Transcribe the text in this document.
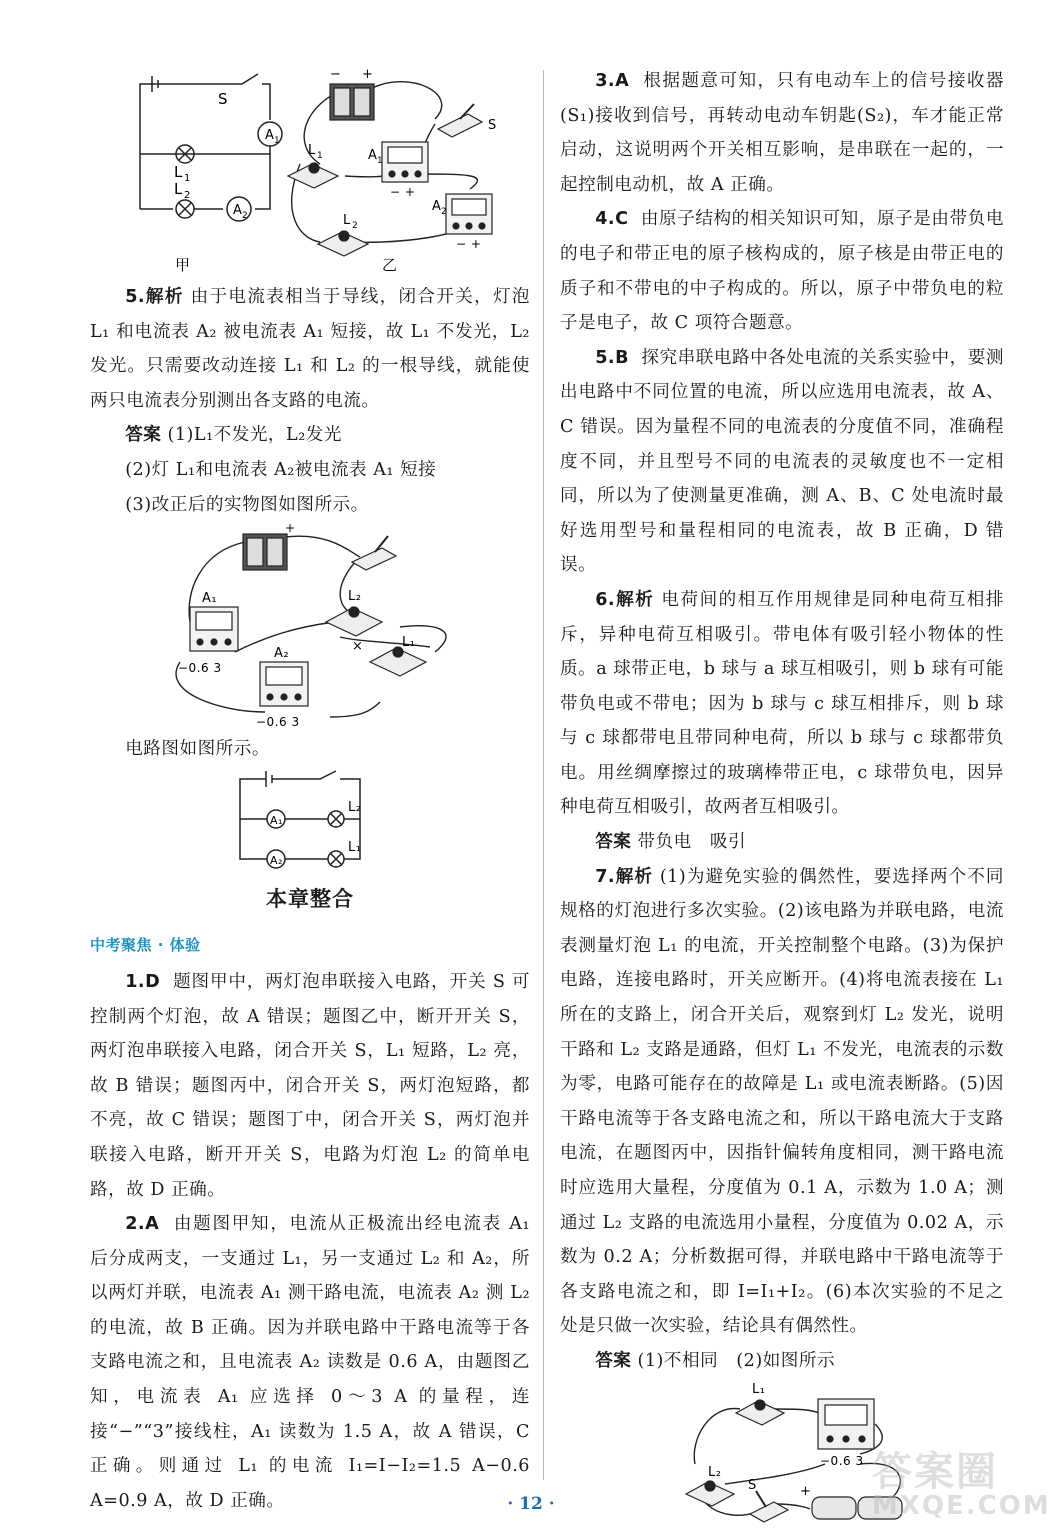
S
A 1
A 2
L 1
L 2
− +
S
L 1
L 2
A 1
− +
A 2
− +
甲	乙

5.解析 由于电流表相当于导线，闭合开关，灯泡 L₁ 和电流表 A₂ 被电流表 A₁ 短接，故 L₁ 不发光，L₂ 发光。只需要改动连接 L₁ 和 L₂ 的一根导线，就能使两只电流表分别测出各支路的电流。

答案 (1)L₁不发光，L₂发光

(2)灯 L₁和电流表 A₂被电流表 A₁ 短接

(3)改正后的实物图如图所示。

+
A₁
−0.6 3
L₂
×	L₁
A₂
−0.6 3

电路图如图所示。

A₁
A₂
L₂
L₁
本章整合
中考聚焦 · 体验

1.D 题图甲中，两灯泡串联接入电路，开关 S 可控制两个灯泡，故 A 错误；题图乙中，断开开关 S，两灯泡串联接入电路，闭合开关 S，L₁ 短路，L₂ 亮，故 B 错误；题图丙中，闭合开关 S，两灯泡短路，都不亮，故 C 错误；题图丁中，闭合开关 S，两灯泡并联接入电路，断开开关 S，电路为灯泡 L₂ 的简单电路，故 D 正确。

2.A 由题图甲知，电流从正极流出经电流表 A₁ 后分成两支，一支通过 L₁，另一支通过 L₂ 和 A₂，所以两灯并联，电流表 A₁ 测干路电流，电流表 A₂ 测 L₂ 的电流，故 B 正确。因为并联电路中干路电流等于各支路电流之和，且电流表 A₂ 读数是 0.6 A，由题图乙知，电流表 A₁ 应选择 0～3 A 的量程，连接“−”“3”接线柱，A₁ 读数为 1.5 A，故 A 错误，C 正确。则通过 L₁ 的电流 I₁=I−I₂=1.5 A−0.6 A=0.9 A，故 D 正确。

3.A 根据题意可知，只有电动车上的信号接收器(S₁)接收到信号，再转动电动车钥匙(S₂)，车才能正常启动，这说明两个开关相互影响，是串联在一起的，一起控制电动机，故 A 正确。

4.C 由原子结构的相关知识可知，原子是由带负电的电子和带正电的原子核构成的，原子核是由带正电的质子和不带电的中子构成的。所以，原子中带负电的粒子是电子，故 C 项符合题意。

5.B 探究串联电路中各处电流的关系实验中，要测出电路中不同位置的电流，所以应选用电流表，故 A、C 错误。因为量程不同的电流表的分度值不同，准确程度不同，并且型号不同的电流表的灵敏度也不一定相同，所以为了使测量更准确，测 A、B、C 处电流时最好选用型号和量程相同的电流表，故 B 正确，D 错误。

6.解析 电荷间的相互作用规律是同种电荷互相排斥，异种电荷互相吸引。带电体有吸引轻小物体的性质。a 球带正电，b 球与 a 球互相吸引，则 b 球有可能带负电或不带电；因为 b 球与 c 球互相排斥，则 b 球与 c 球都带电且带同种电荷，所以 b 球与 c 球都带负电。用丝绸摩擦过的玻璃棒带正电，c 球带负电，因异种电荷互相吸引，故两者互相吸引。

答案 带负电　吸引

7.解析 (1)为避免实验的偶然性，要选择两个不同规格的灯泡进行多次实验。(2)该电路为并联电路，电流表测量灯泡 L₁ 的电流，开关控制整个电路。(3)为保护电路，连接电路时，开关应断开。(4)将电流表接在 L₁ 所在的支路上，闭合开关后，观察到灯 L₂ 发光，说明干路和 L₂ 支路是通路，但灯 L₁ 不发光，电流表的示数为零，电路可能存在的故障是 L₁ 或电流表断路。(5)因干路电流等于各支路电流之和，所以干路电流大于支路电流，在题图丙中，因指针偏转角度相同，测干路电流时应选用大量程，分度值为 0.1 A，示数为 1.0 A；测通过 L₂ 支路的电流选用小量程，分度值为 0.02 A，示数为 0.2 A；分析数据可得，并联电路中干路电流等于各支路电流之和，即 I=I₁+I₂。(6)本次实验的不足之处是只做一次实验，结论具有偶然性。

答案 (1)不相同　(2)如图所示

L₁
−0.6 3
L₂
S	+
· 12 ·
答案圈
MXQE.COM
